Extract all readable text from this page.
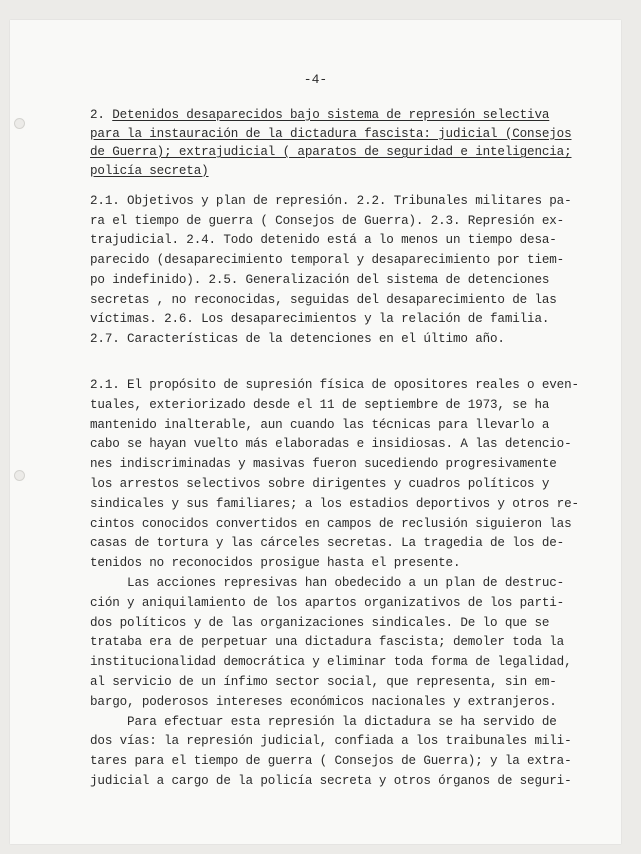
-4-
2. Detenidos desaparecidos bajo sistema de represión selectiva
para la instauración de la dictadura fascista: judicial (Consejos
de Guerra); extrajudicial ( aparatos de seguridad e inteligencia;
policía secreta)
2.1. Objetivos y plan de represión. 2.2. Tribunales militares pa-
ra el tiempo de guerra ( Consejos de Guerra). 2.3. Represión ex-
trajudicial. 2.4. Todo detenido está a lo menos un tiempo desa-
parecido (desaparecimiento temporal y desaparecimiento por tiem-
po indefinido). 2.5. Generalización del sistema de detenciones
secretas , no reconocidas, seguidas del desaparecimiento de las
víctimas. 2.6. Los desaparecimientos y la relación de familia.
2.7. Características de la detenciones en el último año.
2.1. El propósito de supresión física de opositores reales o even-
tuales, exteriorizado desde el 11 de septiembre de 1973, se ha
mantenido inalterable, aun cuando las técnicas para llevarlo a
cabo se hayan vuelto más elaboradas e insidiosas. A las detencio-
nes indiscriminadas y masivas fueron sucediendo progresivamente
los arrestos selectivos sobre dirigentes y cuadros políticos y
sindicales y sus familiares; a los estadios deportivos y otros re-
cintos conocidos convertidos en campos de reclusión siguieron las
casas de tortura y las cárceles secretas. La tragedia de los de-
tenidos no reconocidos prosigue hasta el presente.
Las acciones represivas han obedecido a un plan de destruc-
ción y aniquilamiento de los apartos organizativos de los parti-
dos políticos y de las organizaciones sindicales. De lo que se
trataba era de perpetuar una dictadura fascista; demoler toda la
institucionalidad democrática y eliminar toda forma de legalidad,
al servicio de un ínfimo sector social, que representa, sin em-
bargo, poderosos intereses económicos nacionales y extranjeros.
Para efectuar esta represión la dictadura se ha servido de
dos vías: la represión judicial, confiada a los traibunales mili-
tares para el tiempo de guerra ( Consejos de Guerra); y la extra-
judicial a cargo de la policía secreta y otros órganos de seguri-
